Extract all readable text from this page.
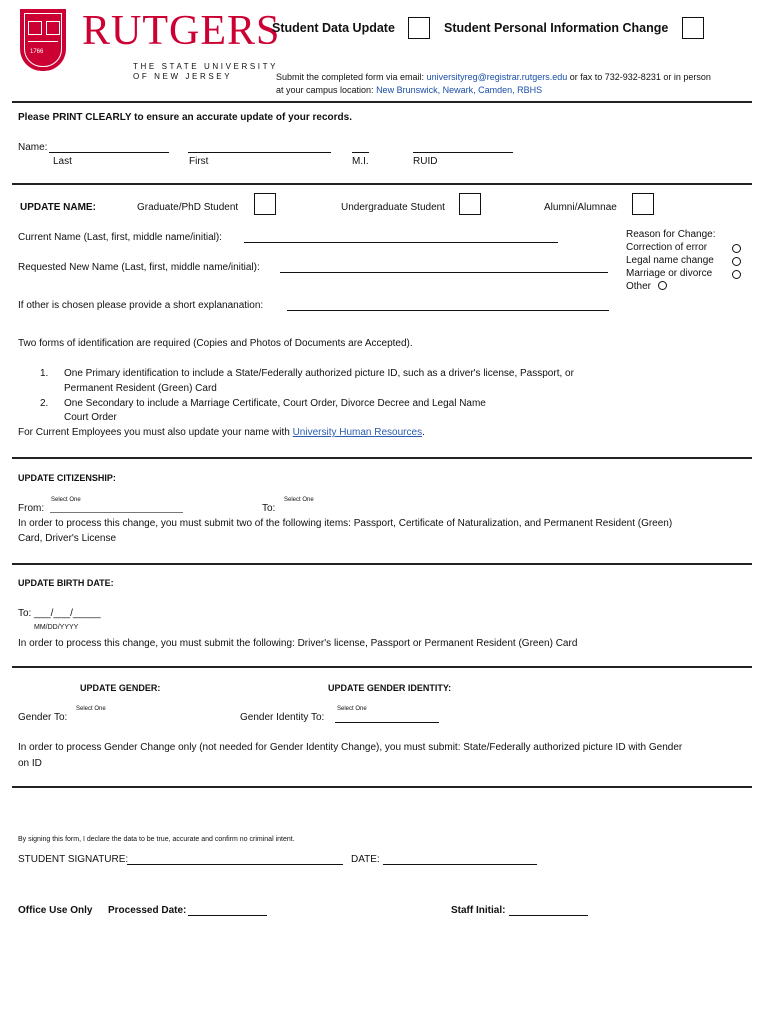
1766 RUTGERS
THE STATE UNIVERSITY
OF NEW JERSEY
Student Data Update	Student Personal Information Change
Submit the completed form via email: universityreg@registrar.rutgers.edu or fax to 732-932-8231 or in person
at your campus location: New Brunswick, Newark, Camden, RBHS
Please PRINT CLEARLY to ensure an accurate update of your records.
Name:
Last	First	M.I.	RUID
UPDATE NAME:	Graduate/PhD Student	Undergraduate Student	Alumni/Alumnae
Current Name (Last, first, middle name/initial):
Requested New Name (Last, first, middle name/initial):
If other is chosen please provide a short explananation:
Reason for Change:
Correction of error
Legal name change
Marriage or divorce
Other
Two forms of identification are required (Copies and Photos of Documents are Accepted).
1. One Primary identification to include a State/Federally authorized picture ID, such as a driver's license, Passport, or
Permanent Resident (Green) Card
2. One Secondary to include a Marriage Certificate, Court Order, Divorce Decree and Legal Name
Court Order
For Current Employees you must also update your name with University Human Resources.
UPDATE CITIZENSHIP:
Select One	Select One
From:	To:
In order to process this change, you must submit two of the following items: Passport, Certificate of Naturalization, and Permanent Resident (Green)
Card, Driver's License
UPDATE BIRTH DATE:
To: ___/___/_____
MM/DD/YYYY
In order to process this change, you must submit the following: Driver's license, Passport or Permanent Resident (Green) Card
UPDATE GENDER:	UPDATE GENDER IDENTITY:
Select One	Select One
Gender To:	Gender Identity To:
In order to process Gender Change only (not needed for Gender Identity Change), you must submit: State/Federally authorized picture ID with Gender
on ID
By signing this form, I declare the data to be true, accurate and confirm no criminal intent.
STUDENT SIGNATURE:	DATE:
Office Use Only Processed Date:	Staff Initial:
